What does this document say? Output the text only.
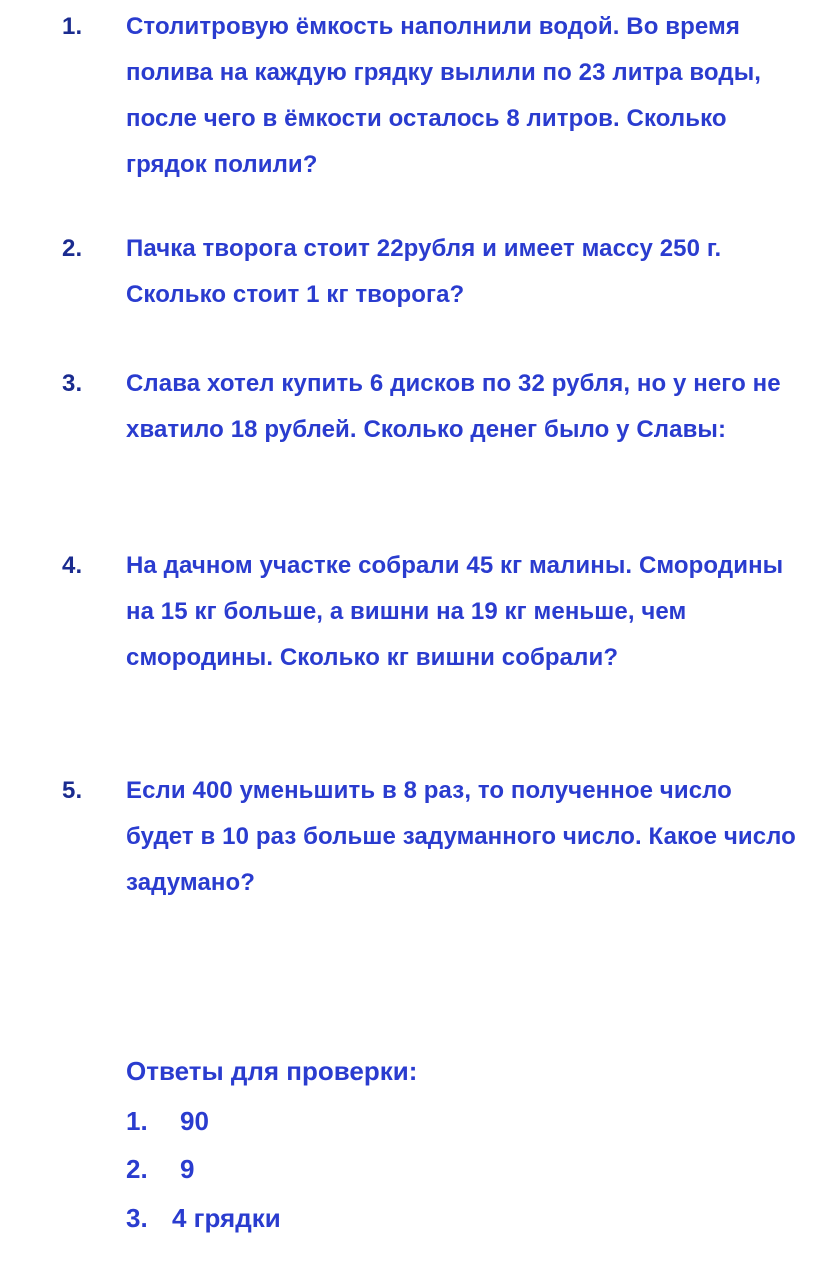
1. Столитровую ёмкость наполнили водой. Во время полива на каждую грядку вылили по 23 литра воды, после чего в ёмкости осталось 8 литров. Сколько грядок полили?
2. Пачка творога стоит 22рубля и имеет массу 250 г. Сколько стоит 1 кг творога?
3. Слава хотел купить 6 дисков по 32 рубля, но у него не хватило 18 рублей. Сколько денег было у Славы:
4. На дачном участке собрали 45 кг малины. Смородины на 15 кг больше, а вишни на 19 кг меньше, чем смородины. Сколько кг вишни собрали?
5. Если 400 уменьшить в 8 раз, то полученное число будет в 10 раз больше задуманного число. Какое число задумано?
Ответы для проверки:
1. 90
2. 9
3. 4 грядки
